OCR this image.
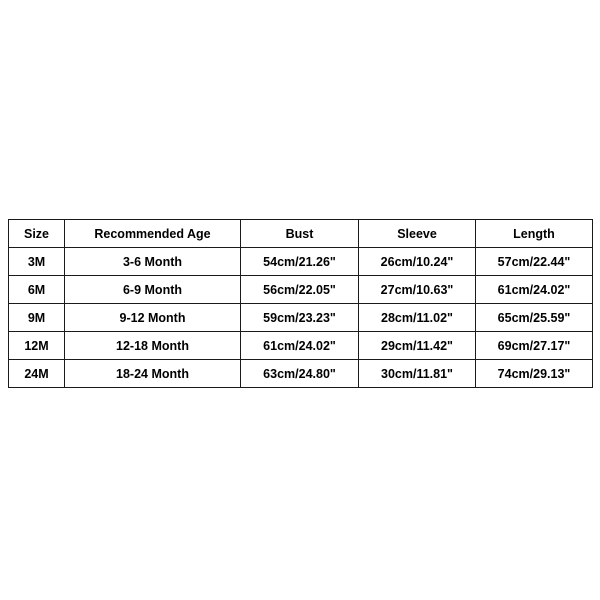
Size	Recommended Age	Bust	Sleeve	Length
3M	3-6 Month	54cm/21.26"	26cm/10.24"	57cm/22.44"
6M	6-9 Month	56cm/22.05"	27cm/10.63"	61cm/24.02"
9M	9-12 Month	59cm/23.23"	28cm/11.02"	65cm/25.59"
12M	12-18 Month	61cm/24.02"	29cm/11.42"	69cm/27.17"
24M	18-24 Month	63cm/24.80"	30cm/11.81"	74cm/29.13"
